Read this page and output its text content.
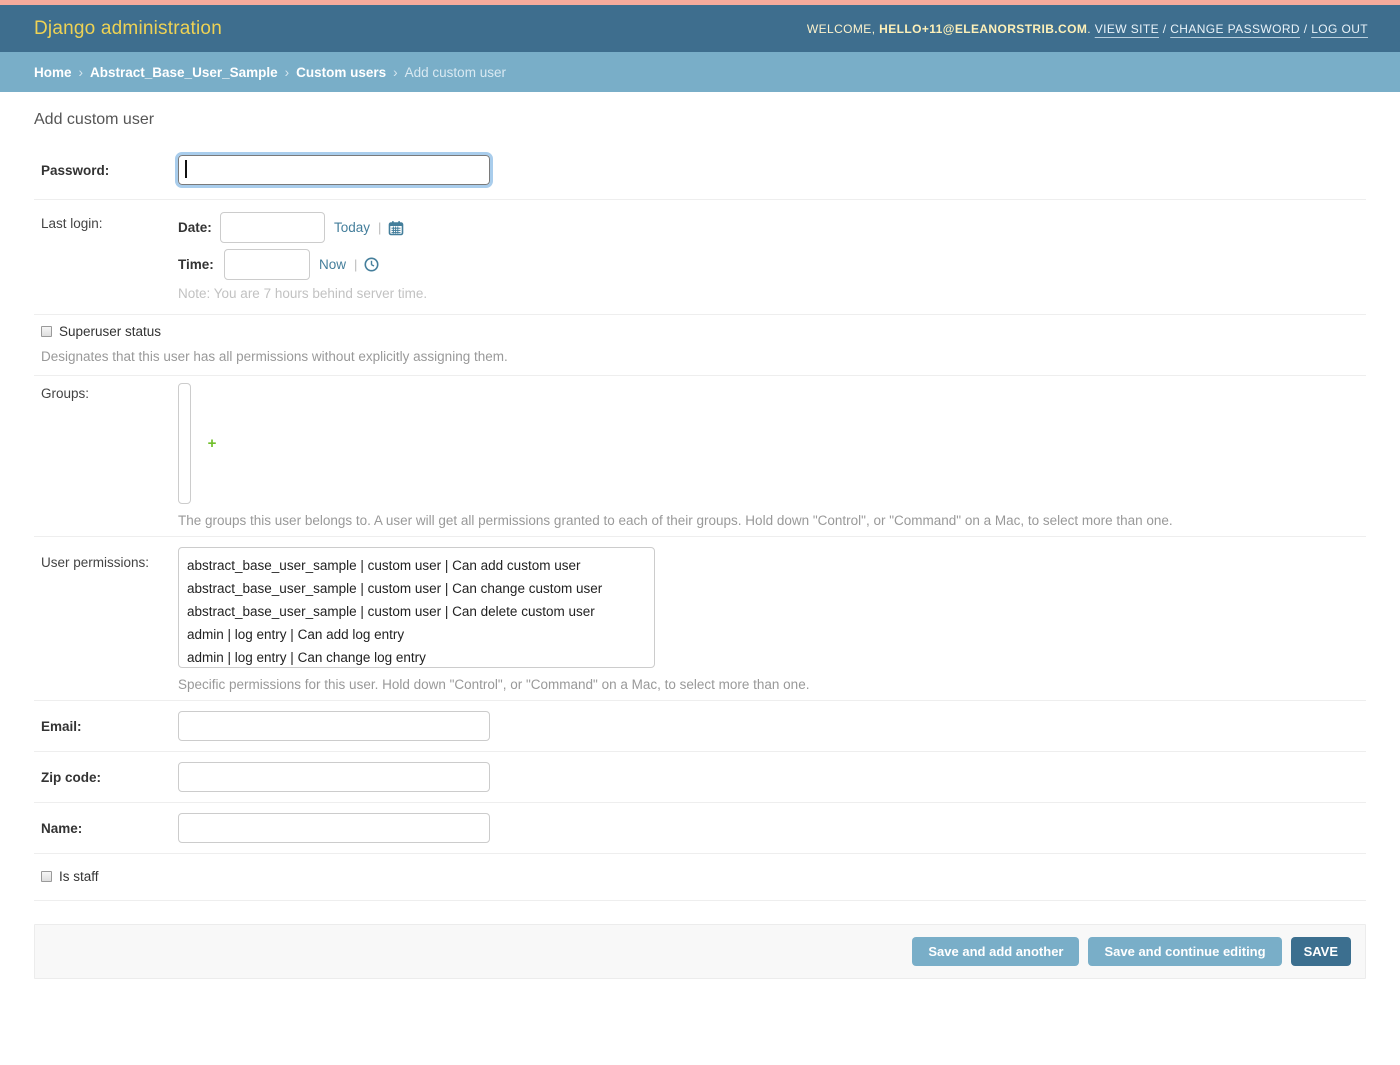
Django administration	WELCOME, HELLO+11@ELEANORSTRIB.COM. VIEW SITE / CHANGE PASSWORD / LOG OUT
Home › Abstract_Base_User_Sample › Custom users › Add custom user
Add custom user
Password:
Last login:	Date:	Today |
Time:	Now |
Note: You are 7 hours behind server time.
Superuser status
Designates that this user has all permissions without explicitly assigning them.
Groups:
+
The groups this user belongs to. A user will get all permissions granted to each of their groups. Hold down "Control", or "Command" on a Mac, to select more than one.
User permissions:	abstract_base_user_sample | custom user | Can add custom user
abstract_base_user_sample | custom user | Can change custom user
abstract_base_user_sample | custom user | Can delete custom user
admin | log entry | Can add log entry
admin | log entry | Can change log entry
Specific permissions for this user. Hold down "Control", or "Command" on a Mac, to select more than one.
Email:
Zip code:
Name:
Is staff
Save and add another	Save and continue editing	SAVE
